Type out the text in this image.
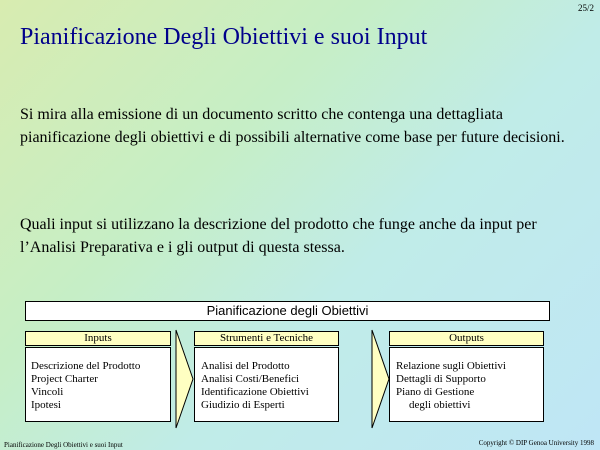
25/2
Pianificazione Degli Obiettivi e suoi Input
Si mira alla emissione di un documento scritto che contenga una dettagliata pianificazione degli obiettivi e di possibili alternative come base per future decisioni.
Quali input si utilizzano la descrizione del prodotto che funge anche da input per l’Analisi Preparativa e i gli output di questa stessa.
Pianificazione degli Obiettivi
Inputs
Descrizione del Prodotto
Project Charter
Vincoli
Ipotesi
Strumenti e Tecniche
Analisi del Prodotto
Analisi Costi/Benefici
Identificazione Obiettivi
Giudizio di Esperti
Outputs
Relazione sugli Obiettivi
Dettagli di Supporto
Piano di Gestione
degli obiettivi
Pianificazione Degli Obiettivi e suoi Input	Copyright © DIP Genoa University 1998
